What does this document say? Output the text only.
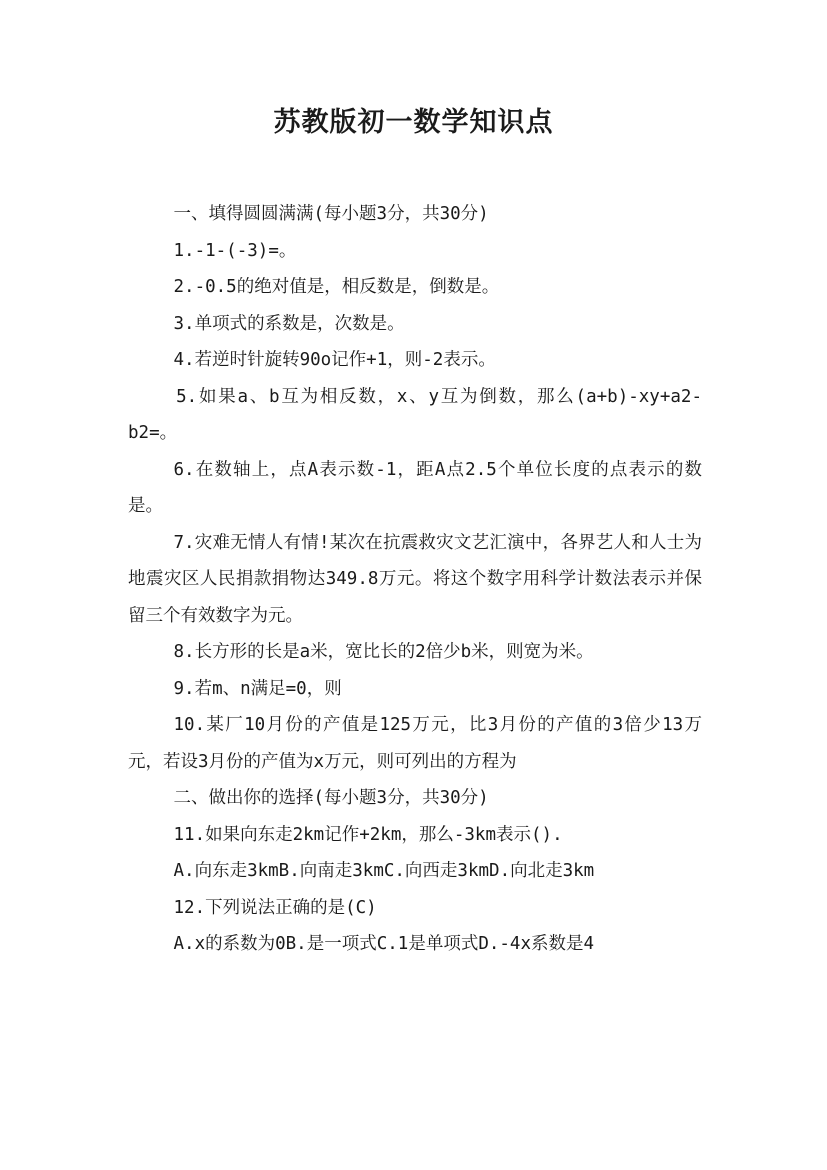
苏教版初一数学知识点

一、填得圆圆满满(每小题3分，共30分)

1.-1-(-3)=。

2.-0.5的绝对值是，相反数是，倒数是。

3.单项式的系数是，次数是。

4.若逆时针旋转90o记作+1，则-2表示。

5.如果a、b互为相反数，x、y互为倒数，那么(a+b)-xy+a2-b2=。

6.在数轴上，点A表示数-1，距A点2.5个单位长度的点表示的数是。

7.灾难无情人有情!某次在抗震救灾文艺汇演中，各界艺人和人士为地震灾区人民捐款捐物达349.8万元。将这个数字用科学计数法表示并保留三个有效数字为元。

8.长方形的长是a米，宽比长的2倍少b米，则宽为米。

9.若m、n满足=0，则

10.某厂10月份的产值是125万元，比3月份的产值的3倍少13万元，若设3月份的产值为x万元，则可列出的方程为

二、做出你的选择(每小题3分，共30分)

11.如果向东走2km记作+2km，那么-3km表示().

A.向东走3kmB.向南走3kmC.向西走3kmD.向北走3km

12.下列说法正确的是(C)

A.x的系数为0B.是一项式C.1是单项式D.-4x系数是4
